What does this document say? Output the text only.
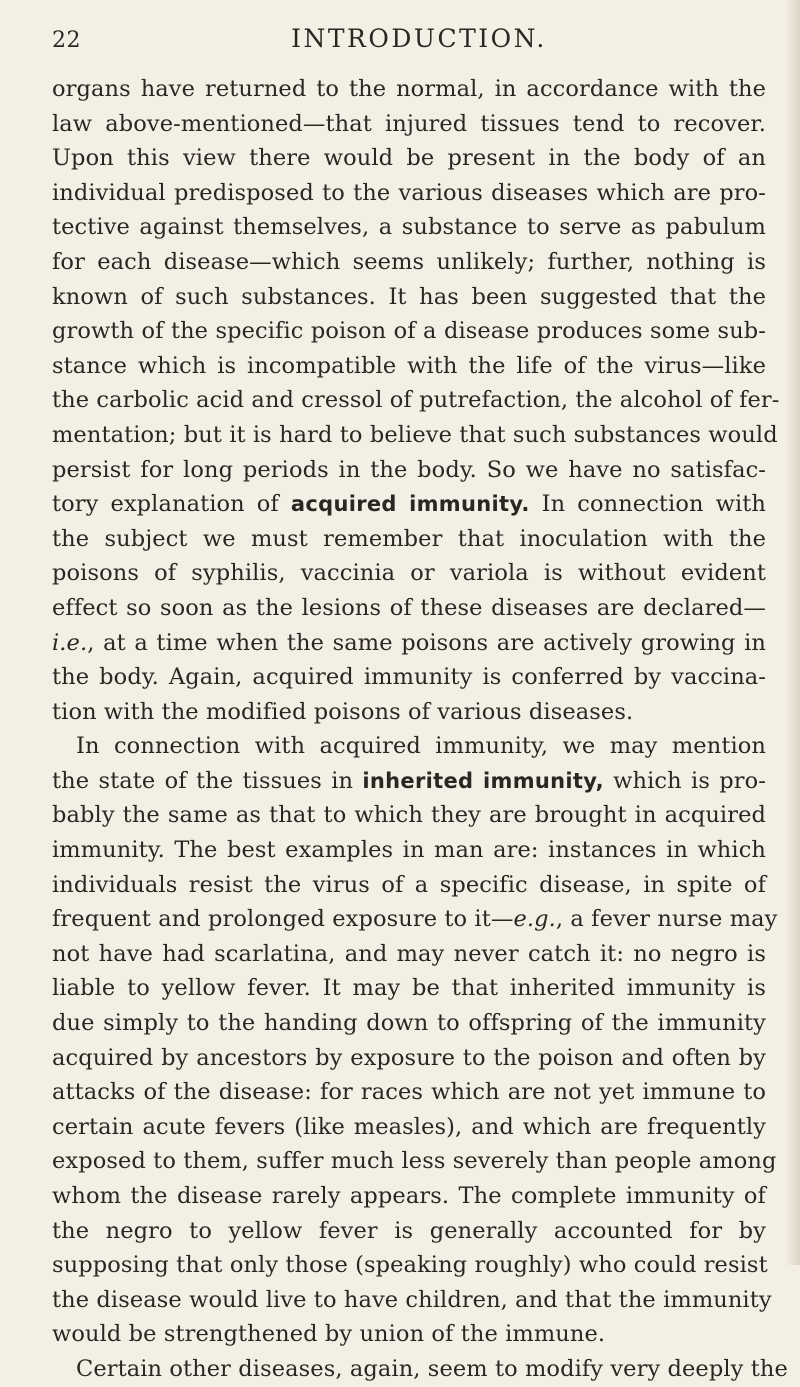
22	INTRODUCTION.
organs have returned to the normal, in accordance with the
law above-mentioned—that injured tissues tend to recover.
Upon this view there would be present in the body of an
individual predisposed to the various diseases which are pro-
tective against themselves, a substance to serve as pabulum
for each disease—which seems unlikely; further, nothing is
known of such substances. It has been suggested that the
growth of the specific poison of a disease produces some sub-
stance which is incompatible with the life of the virus—like
the carbolic acid and cressol of putrefaction, the alcohol of fer-
mentation; but it is hard to believe that such substances would
persist for long periods in the body. So we have no satisfac-
tory explanation of acquired immunity. In connection with
the subject we must remember that inoculation with the
poisons of syphilis, vaccinia or variola is without evident
effect so soon as the lesions of these diseases are declared—
i.e., at a time when the same poisons are actively growing in
the body. Again, acquired immunity is conferred by vaccina-
tion with the modified poisons of various diseases.
In connection with acquired immunity, we may mention
the state of the tissues in inherited immunity, which is pro-
bably the same as that to which they are brought in acquired
immunity. The best examples in man are: instances in which
individuals resist the virus of a specific disease, in spite of
frequent and prolonged exposure to it—e.g., a fever nurse may
not have had scarlatina, and may never catch it: no negro is
liable to yellow fever. It may be that inherited immunity is
due simply to the handing down to offspring of the immunity
acquired by ancestors by exposure to the poison and often by
attacks of the disease: for races which are not yet immune to
certain acute fevers (like measles), and which are frequently
exposed to them, suffer much less severely than people among
whom the disease rarely appears. The complete immunity of
the negro to yellow fever is generally accounted for by
supposing that only those (speaking roughly) who could resist
the disease would live to have children, and that the immunity
would be strengthened by union of the immune.
Certain other diseases, again, seem to modify very deeply the
